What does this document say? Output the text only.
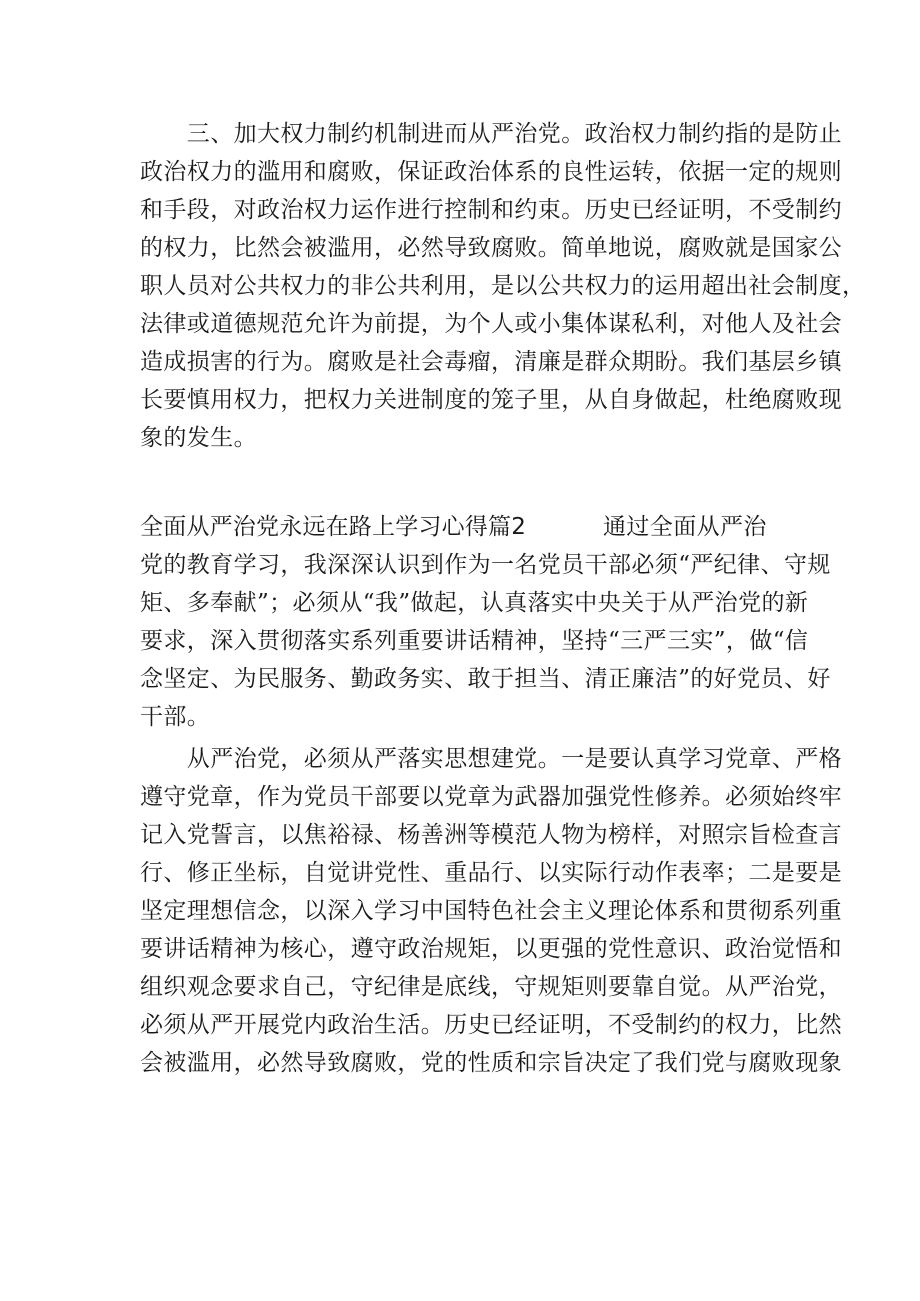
　　三、加大权力制约机制进而从严治党。政治权力制约指的是防止
政治权力的滥用和腐败，保证政治体系的良性运转，依据一定的规则
和手段，对政治权力运作进行控制和约束。历史已经证明，不受制约
的权力，比然会被滥用，必然导致腐败。简单地说，腐败就是国家公
职人员对公共权力的非公共利用，是以公共权力的运用超出社会制度，
法律或道德规范允许为前提，为个人或小集体谋私利，对他人及社会
造成损害的行为。腐败是社会毒瘤，清廉是群众期盼。我们基层乡镇
长要慎用权力，把权力关进制度的笼子里，从自身做起，杜绝腐败现
象的发生。
全面从严治党永远在路上学习心得篇2	通过全面从严治
党的教育学习，我深深认识到作为一名党员干部必须“严纪律、守规
矩、多奉献”；必须从“我”做起，认真落实中央关于从严治党的新
要求，深入贯彻落实系列重要讲话精神，坚持“三严三实”，做“信
念坚定、为民服务、勤政务实、敢于担当、清正廉洁”的好党员、好
干部。
　　从严治党，必须从严落实思想建党。一是要认真学习党章、严格
遵守党章，作为党员干部要以党章为武器加强党性修养。必须始终牢
记入党誓言，以焦裕禄、杨善洲等模范人物为榜样，对照宗旨检查言
行、修正坐标，自觉讲党性、重品行、以实际行动作表率；二是要是
坚定理想信念，以深入学习中国特色社会主义理论体系和贯彻系列重
要讲话精神为核心，遵守政治规矩，以更强的党性意识、政治觉悟和
组织观念要求自己，守纪律是底线，守规矩则要靠自觉。从严治党，
必须从严开展党内政治生活。历史已经证明，不受制约的权力，比然
会被滥用，必然导致腐败，党的性质和宗旨决定了我们党与腐败现象
